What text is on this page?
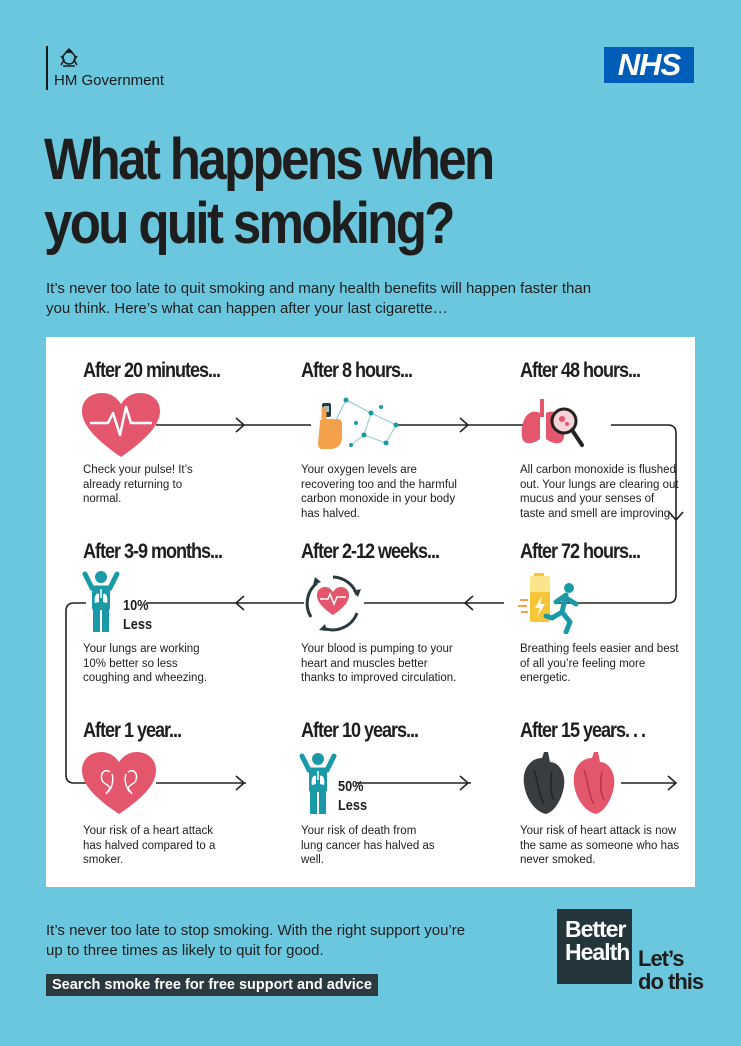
HM Government	NHS
What happens when
you quit smoking?
It’s never too late to quit smoking and many health benefits will happen faster than you think. Here’s what can happen after your last cigarette…
After 20 minutes...
Check your pulse! It’s already returning to normal.
After 8 hours...
Your oxygen levels are recovering too and the harmful carbon monoxide in your body has halved.
After 48 hours...
All carbon monoxide is flushed out. Your lungs are clearing out mucus and your senses of taste and smell are improving.
After 3-9 months...
10%
Less
Your lungs are working 10% better so less coughing and wheezing.
After 2-12 weeks...
Your blood is pumping to your heart and muscles better thanks to improved circulation.
After 72 hours...
Breathing feels easier and best of all you’re feeling more energetic.
After 1 year...
Your risk of a heart attack has halved compared to a smoker.
After 10 years...
50%
Less
Your risk of death from lung cancer has halved as well.
After 15 years. . .
Your risk of heart attack is now the same as someone who has never smoked.
It’s never too late to stop smoking. With the right support you’re up to three times as likely to quit for good.
Search smoke free for free support and advice
Better
Health Let’s
do this
